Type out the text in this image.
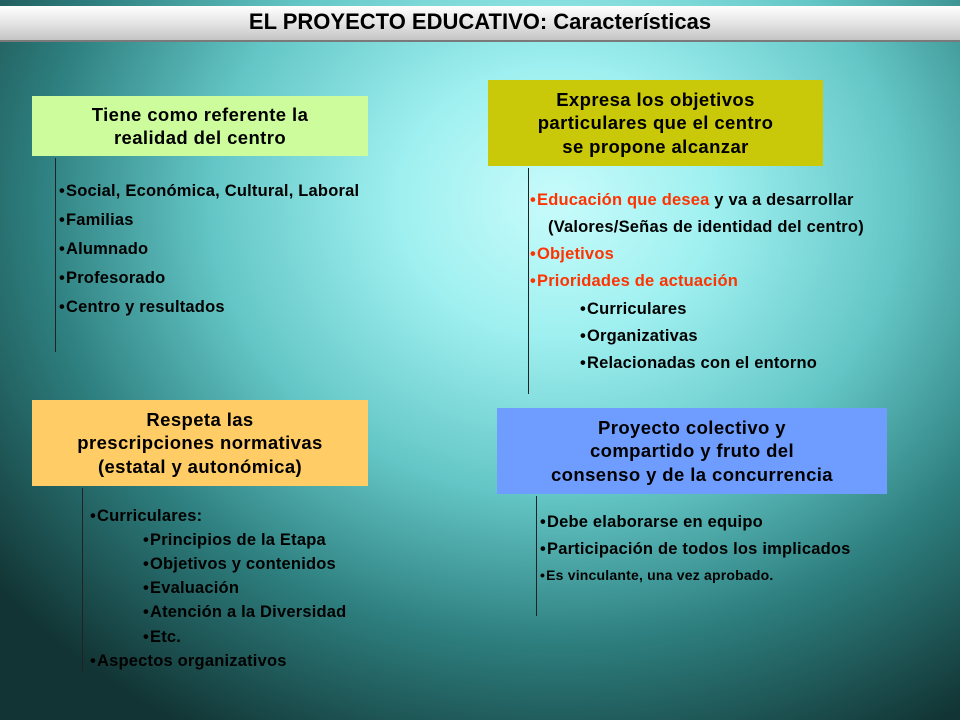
EL PROYECTO EDUCATIVO: Características
Tiene como referente la
realidad del centro
•Social, Económica, Cultural, Laboral
•Familias
•Alumnado
•Profesorado
•Centro y resultados
Expresa los objetivos
particulares que el centro
se propone alcanzar
•Educación que desea y va a desarrollar
(Valores/Señas de identidad del centro)
•Objetivos
•Prioridades de actuación
•Curriculares
•Organizativas
•Relacionadas con el entorno
Respeta las
prescripciones normativas
(estatal y autonómica)
•Curriculares:
•Principios de la Etapa
•Objetivos y contenidos
•Evaluación
•Atención a la Diversidad
•Etc.
•Aspectos organizativos
Proyecto colectivo y
compartido y fruto del
consenso y de la concurrencia
•Debe elaborarse en equipo
•Participación de todos los implicados
•Es vinculante, una vez aprobado.
